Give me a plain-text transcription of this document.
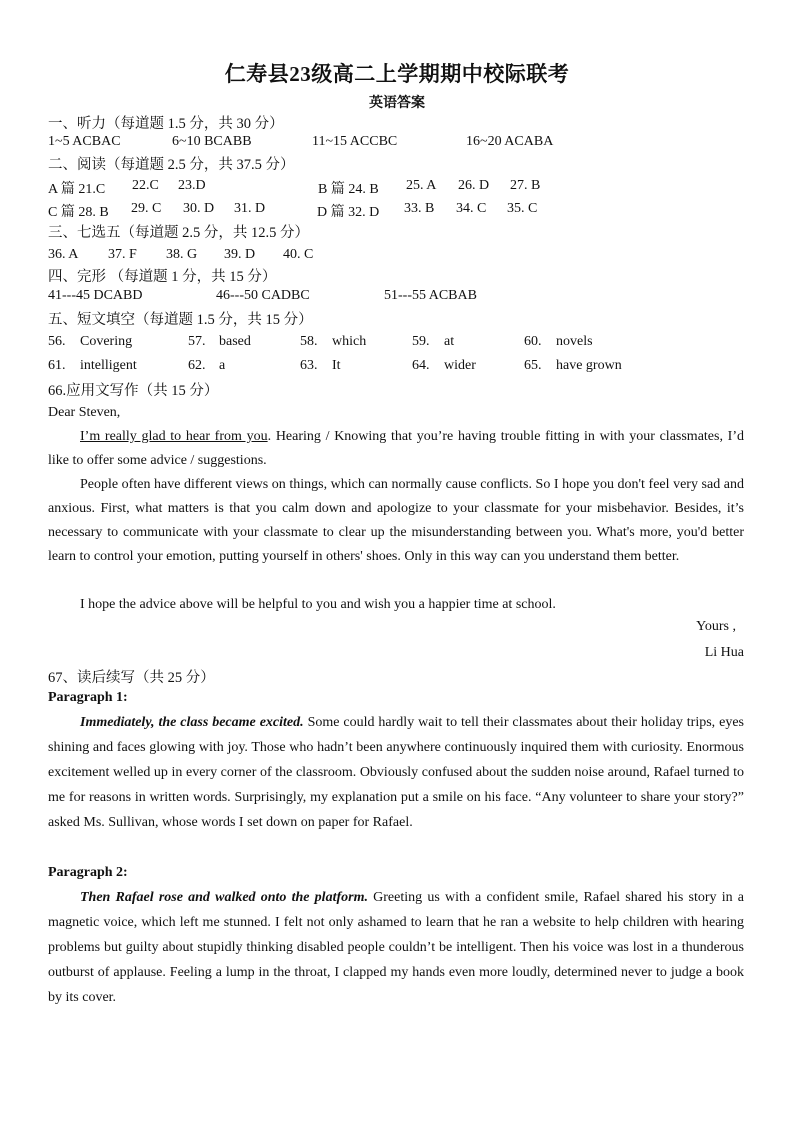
仁寿县23级高二上学期期中校际联考
英语答案
一、听力（每道题 1.5 分，共 30 分）
1~5 ACBAC	6~10 BCABB	11~15 ACCBC	16~20 ACABA
二、阅读（每道题 2.5 分，共 37.5 分）
A 篇 21.C 22.C 23.D	B 篇 24. B 25. A 26. D 27. B
C 篇 28. B 29. C 30. D 31. D	D 篇 32. D 33. B 34. C 35. C
三、七选五（每道题 2.5 分，共 12.5 分）
36. A 37. F 38. G 39. D 40. C
四、完形 （每道题 1 分，共 15 分）
41---45 DCABD	46---50 CADBC	51---55 ACBAB
五、短文填空（每道题 1.5 分，共 15 分）
56. Covering	57. based	58. which	59. at	60. novels
61. intelligent	62. a	63. It	64. wider	65. have grown
66.应用文写作（共 15 分）
Dear Steven,

I’m really glad to hear from you. Hearing / Knowing that you’re having trouble fitting in with your classmates, I’d like to offer some advice / suggestions.

People often have different views on things, which can normally cause conflicts. So I hope you don't feel very sad and anxious. First, what matters is that you calm down and apologize to your classmate for your misbehavior. Besides, it’s necessary to communicate with your classmate to clear up the misunderstanding between you. What's more, you'd better learn to control your emotion, putting yourself in others' shoes. Only in this way can you understand them better.

I hope the advice above will be helpful to you and wish you a happier time at school.

Yours ,
Li Hua
67、读后续写（共 25 分）
Paragraph 1:

Immediately, the class became excited. Some could hardly wait to tell their classmates about their holiday trips, eyes shining and faces glowing with joy. Those who hadn’t been anywhere continuously inquired them with curiosity. Enormous excitement welled up in every corner of the classroom. Obviously confused about the sudden noise around, Rafael turned to me for reasons in written words. Surprisingly, my explanation put a smile on his face. “Any volunteer to share your story?” asked Ms. Sullivan, whose words I set down on paper for Rafael.

Paragraph 2:

Then Rafael rose and walked onto the platform. Greeting us with a confident smile, Rafael shared his story in a magnetic voice, which left me stunned. I felt not only ashamed to learn that he ran a website to help children with hearing problems but guilty about stupidly thinking disabled people couldn’t be intelligent. Then his voice was lost in a thunderous outburst of applause. Feeling a lump in the throat, I clapped my hands even more loudly, determined never to judge a book by its cover.
